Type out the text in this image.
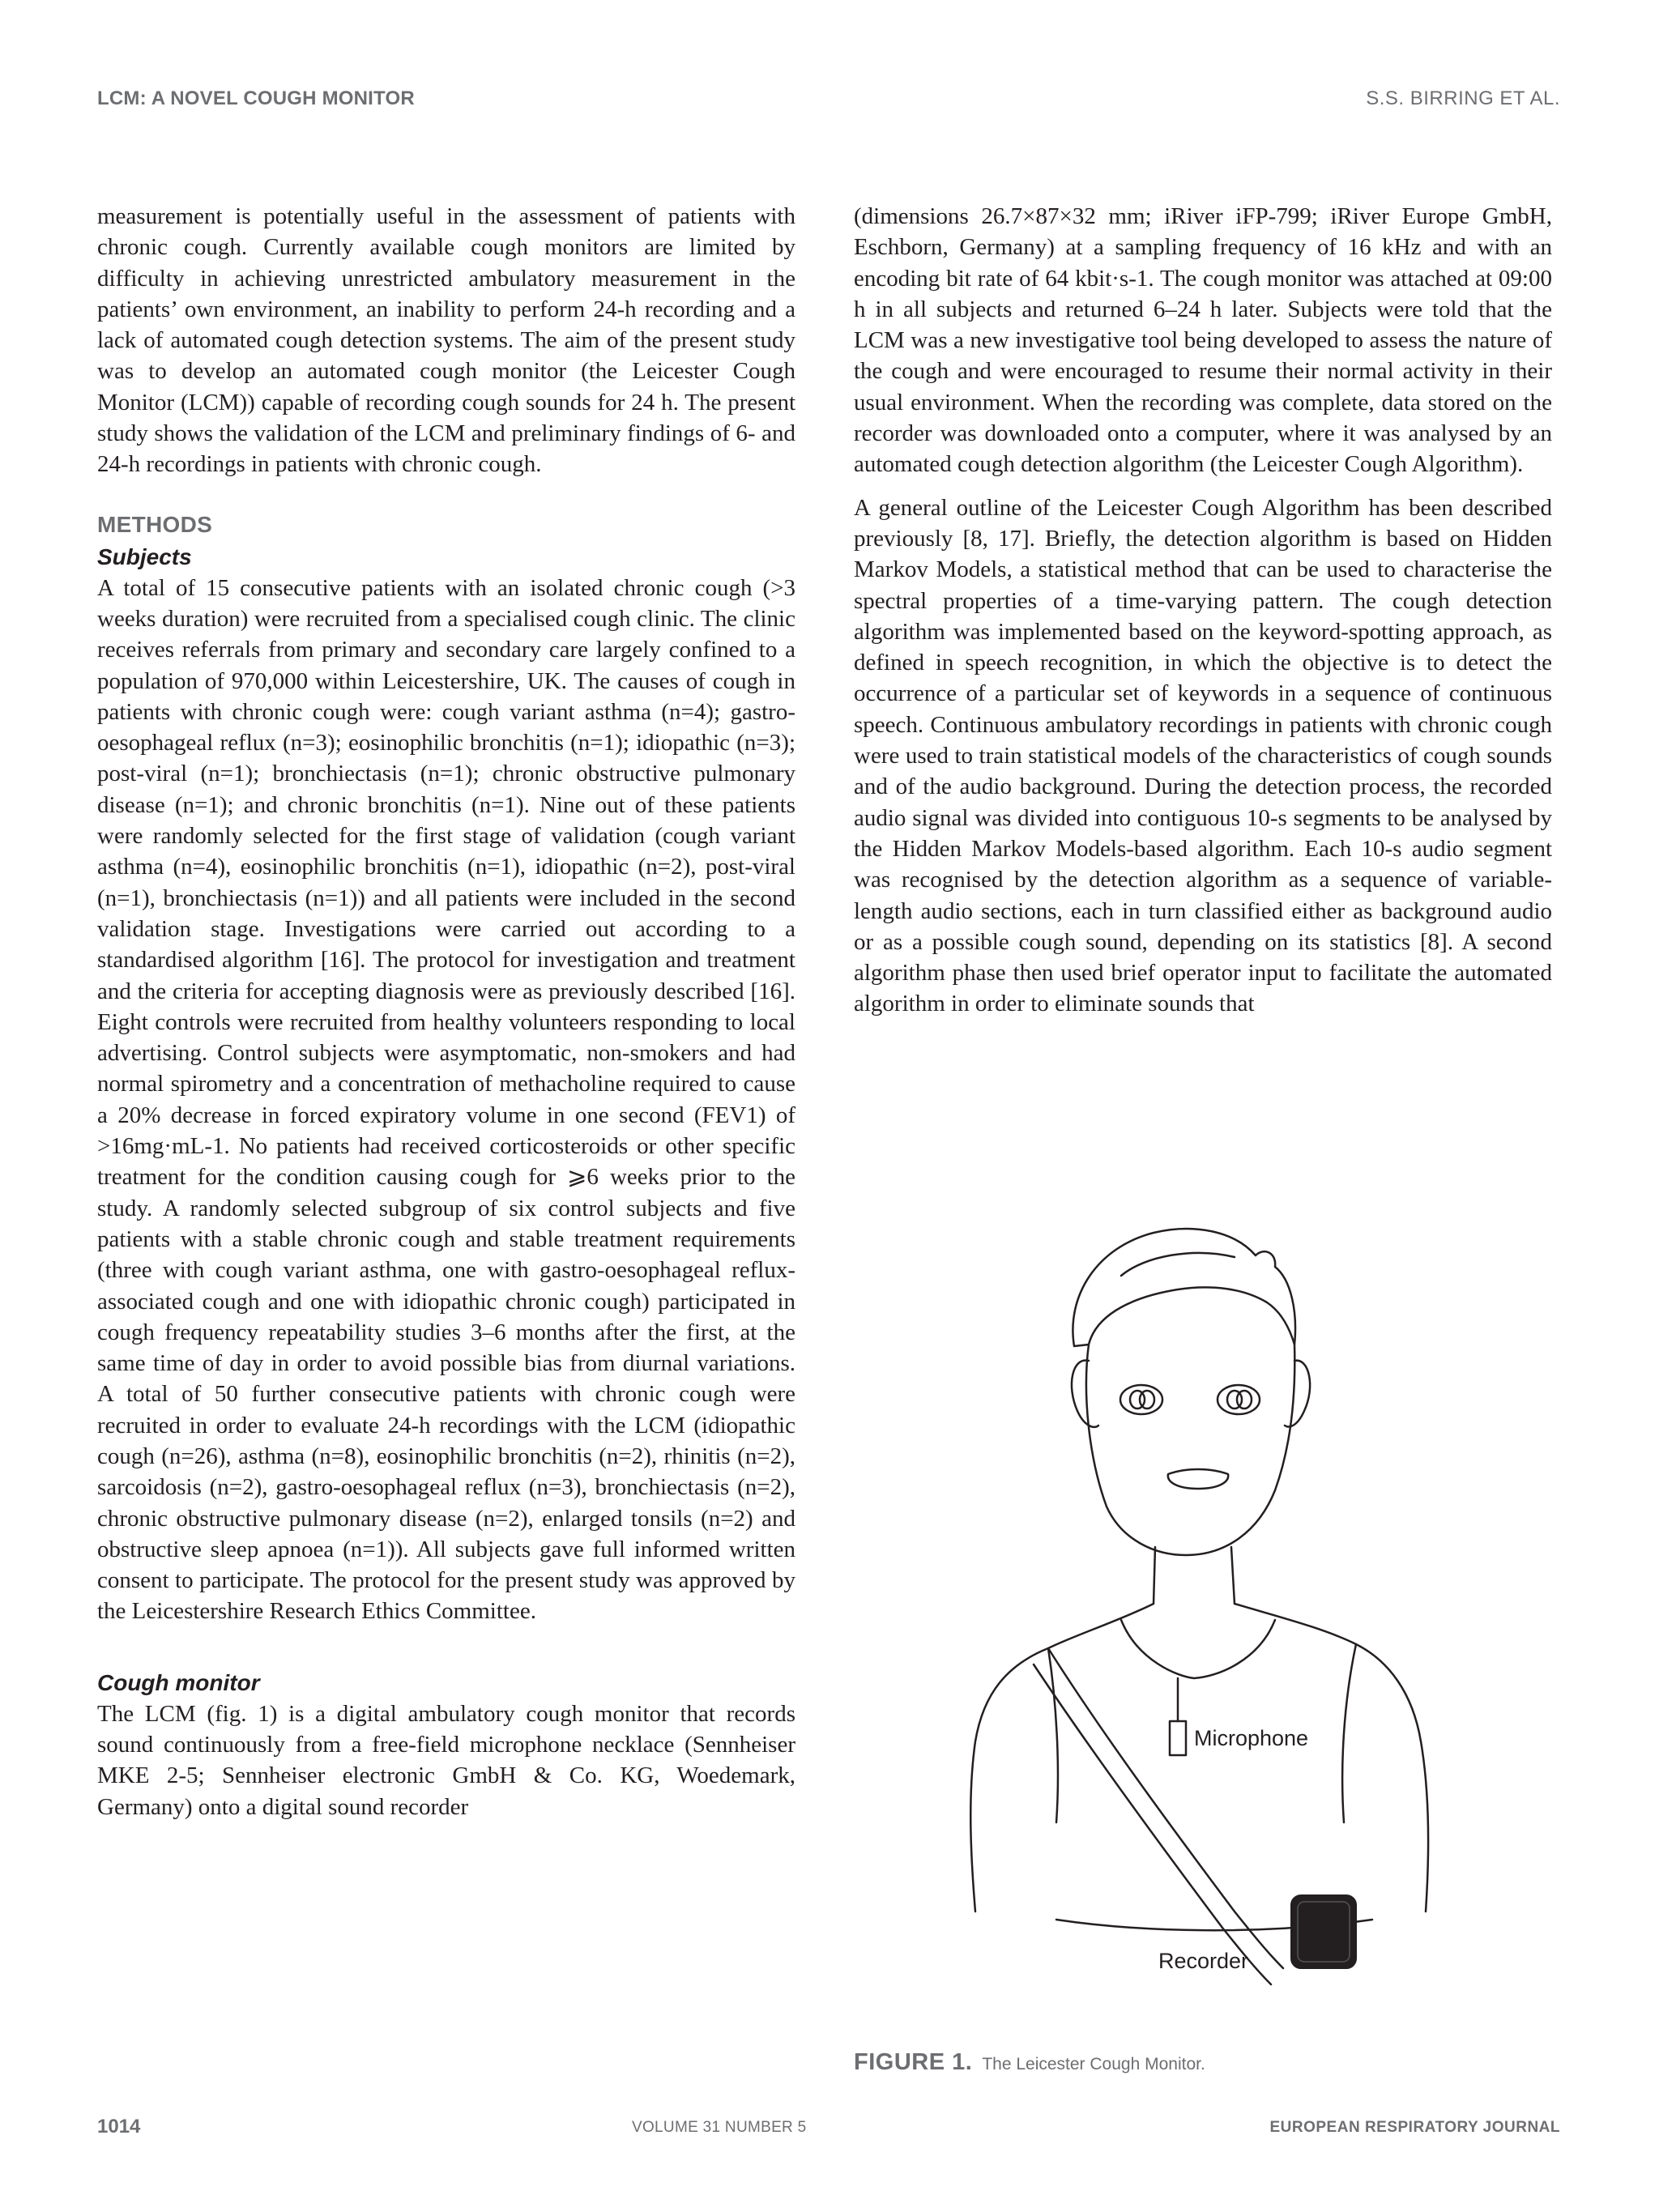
LCM: A NOVEL COUGH MONITOR	S.S. BIRRING ET AL.

measurement is potentially useful in the assessment of patients with chronic cough. Currently available cough monitors are limited by difficulty in achieving unrestricted ambulatory measurement in the patients’ own environment, an inability to perform 24-h recording and a lack of automated cough detection systems. The aim of the present study was to develop an automated cough monitor (the Leicester Cough Monitor (LCM)) capable of recording cough sounds for 24 h. The present study shows the validation of the LCM and preliminary findings of 6- and 24-h recordings in patients with chronic cough.

METHODS
Subjects

A total of 15 consecutive patients with an isolated chronic cough (>3 weeks duration) were recruited from a specialised cough clinic. The clinic receives referrals from primary and secondary care largely confined to a population of 970,000 within Leicestershire, UK. The causes of cough in patients with chronic cough were: cough variant asthma (n=4); gastro-oesophageal reflux (n=3); eosinophilic bronchitis (n=1); idiopathic (n=3); post-viral (n=1); bronchiectasis (n=1); chronic obstructive pulmonary disease (n=1); and chronic bronchitis (n=1). Nine out of these patients were randomly selected for the first stage of validation (cough variant asthma (n=4), eosinophilic bronchitis (n=1), idiopathic (n=2), post-viral (n=1), bronchiectasis (n=1)) and all patients were included in the second validation stage. Investigations were carried out according to a standardised algorithm [16]. The protocol for investigation and treatment and the criteria for accepting diagnosis were as previously described [16]. Eight controls were recruited from healthy volunteers responding to local advertising. Control subjects were asymptomatic, non-smokers and had normal spirometry and a concentration of methacholine required to cause a 20% decrease in forced expiratory volume in one second (FEV1) of >16mg·mL-1. No patients had received corticosteroids or other specific treatment for the condition causing cough for ⩾6 weeks prior to the study. A randomly selected subgroup of six control subjects and five patients with a stable chronic cough and stable treatment requirements (three with cough variant asthma, one with gastro-oesophageal reflux-associated cough and one with idiopathic chronic cough) participated in cough frequency repeatability studies 3–6 months after the first, at the same time of day in order to avoid possible bias from diurnal variations. A total of 50 further consecutive patients with chronic cough were recruited in order to evaluate 24-h recordings with the LCM (idiopathic cough (n=26), asthma (n=8), eosinophilic bronchitis (n=2), rhinitis (n=2), sarcoidosis (n=2), gastro-oesophageal reflux (n=3), bronchiectasis (n=2), chronic obstructive pulmonary disease (n=2), enlarged tonsils (n=2) and obstructive sleep apnoea (n=1)). All subjects gave full informed written consent to participate. The protocol for the present study was approved by the Leicestershire Research Ethics Committee.

Cough monitor

The LCM (fig. 1) is a digital ambulatory cough monitor that records sound continuously from a free-field microphone necklace (Sennheiser MKE 2-5; Sennheiser electronic GmbH & Co. KG, Woedemark, Germany) onto a digital sound recorder

(dimensions 26.7×87×32 mm; iRiver iFP-799; iRiver Europe GmbH, Eschborn, Germany) at a sampling frequency of 16 kHz and with an encoding bit rate of 64 kbit·s-1. The cough monitor was attached at 09:00 h in all subjects and returned 6–24 h later. Subjects were told that the LCM was a new investigative tool being developed to assess the nature of the cough and were encouraged to resume their normal activity in their usual environment. When the recording was complete, data stored on the recorder was downloaded onto a computer, where it was analysed by an automated cough detection algorithm (the Leicester Cough Algorithm).

A general outline of the Leicester Cough Algorithm has been described previously [8, 17]. Briefly, the detection algorithm is based on Hidden Markov Models, a statistical method that can be used to characterise the spectral properties of a time-varying pattern. The cough detection algorithm was implemented based on the keyword-spotting approach, as defined in speech recognition, in which the objective is to detect the occurrence of a particular set of keywords in a sequence of continuous speech. Continuous ambulatory recordings in patients with chronic cough were used to train statistical models of the characteristics of cough sounds and of the audio background. During the detection process, the recorded audio signal was divided into contiguous 10-s segments to be analysed by the Hidden Markov Models-based algorithm. Each 10-s audio segment was recognised by the detection algorithm as a sequence of variable-length audio sections, each in turn classified either as background audio or as a possible cough sound, depending on its statistics [8]. A second algorithm phase then used brief operator input to facilitate the automated algorithm in order to eliminate sounds that

Microphone
Recorder
FIGURE 1. The Leicester Cough Monitor.
1014	VOLUME 31 NUMBER 5	EUROPEAN RESPIRATORY JOURNAL
